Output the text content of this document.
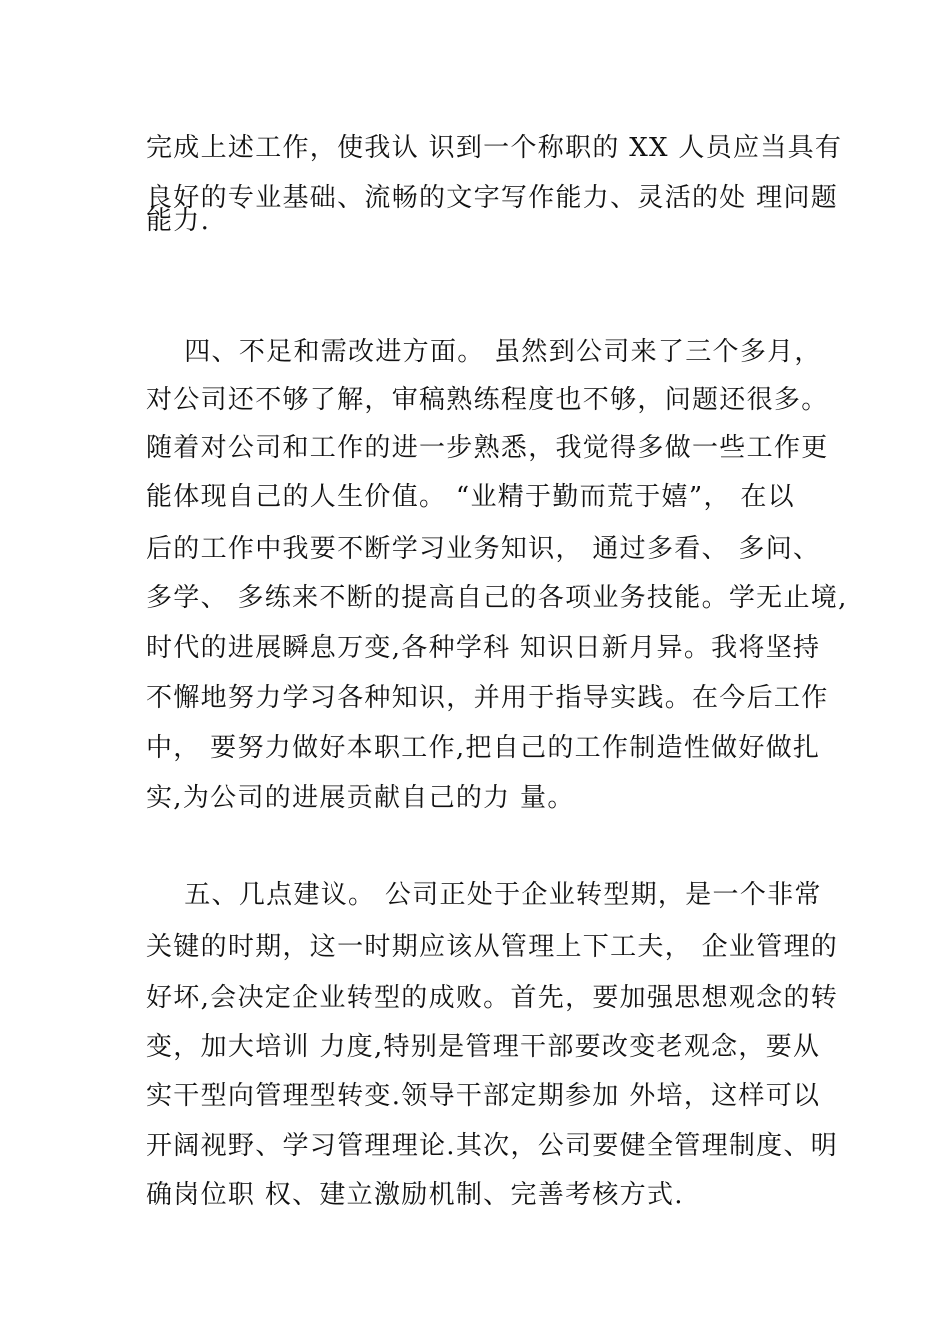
完成上述工作，使我认 识到一个称职的 XX 人员应当具有
良好的专业基础、流畅的文字写作能力、灵活的处 理问题
能力.
四、不足和需改进方面。 虽然到公司来了三个多月，
对公司还不够了解，审稿熟练程度也不够，问题还很多。
随着对公司和工作的进一步熟悉，我觉得多做一些工作更
能体现自己的人生价值。 “业精于勤而荒于嬉”， 在以
后的工作中我要不断学习业务知识， 通过多看、 多问、
多学、 多练来不断的提高自己的各项业务技能。学无止境,
时代的进展瞬息万变,各种学科 知识日新月异。我将坚持
不懈地努力学习各种知识，并用于指导实践。在今后工作
中， 要努力做好本职工作,把自己的工作制造性做好做扎
实,为公司的进展贡献自己的力 量。
五、几点建议。 公司正处于企业转型期，是一个非常
关键的时期，这一时期应该从管理上下工夫， 企业管理的
好坏,会决定企业转型的成败。首先，要加强思想观念的转
变，加大培训 力度,特别是管理干部要改变老观念，要从
实干型向管理型转变.领导干部定期参加 外培，这样可以
开阔视野、学习管理理论.其次，公司要健全管理制度、明
确岗位职 权、建立激励机制、完善考核方式.
